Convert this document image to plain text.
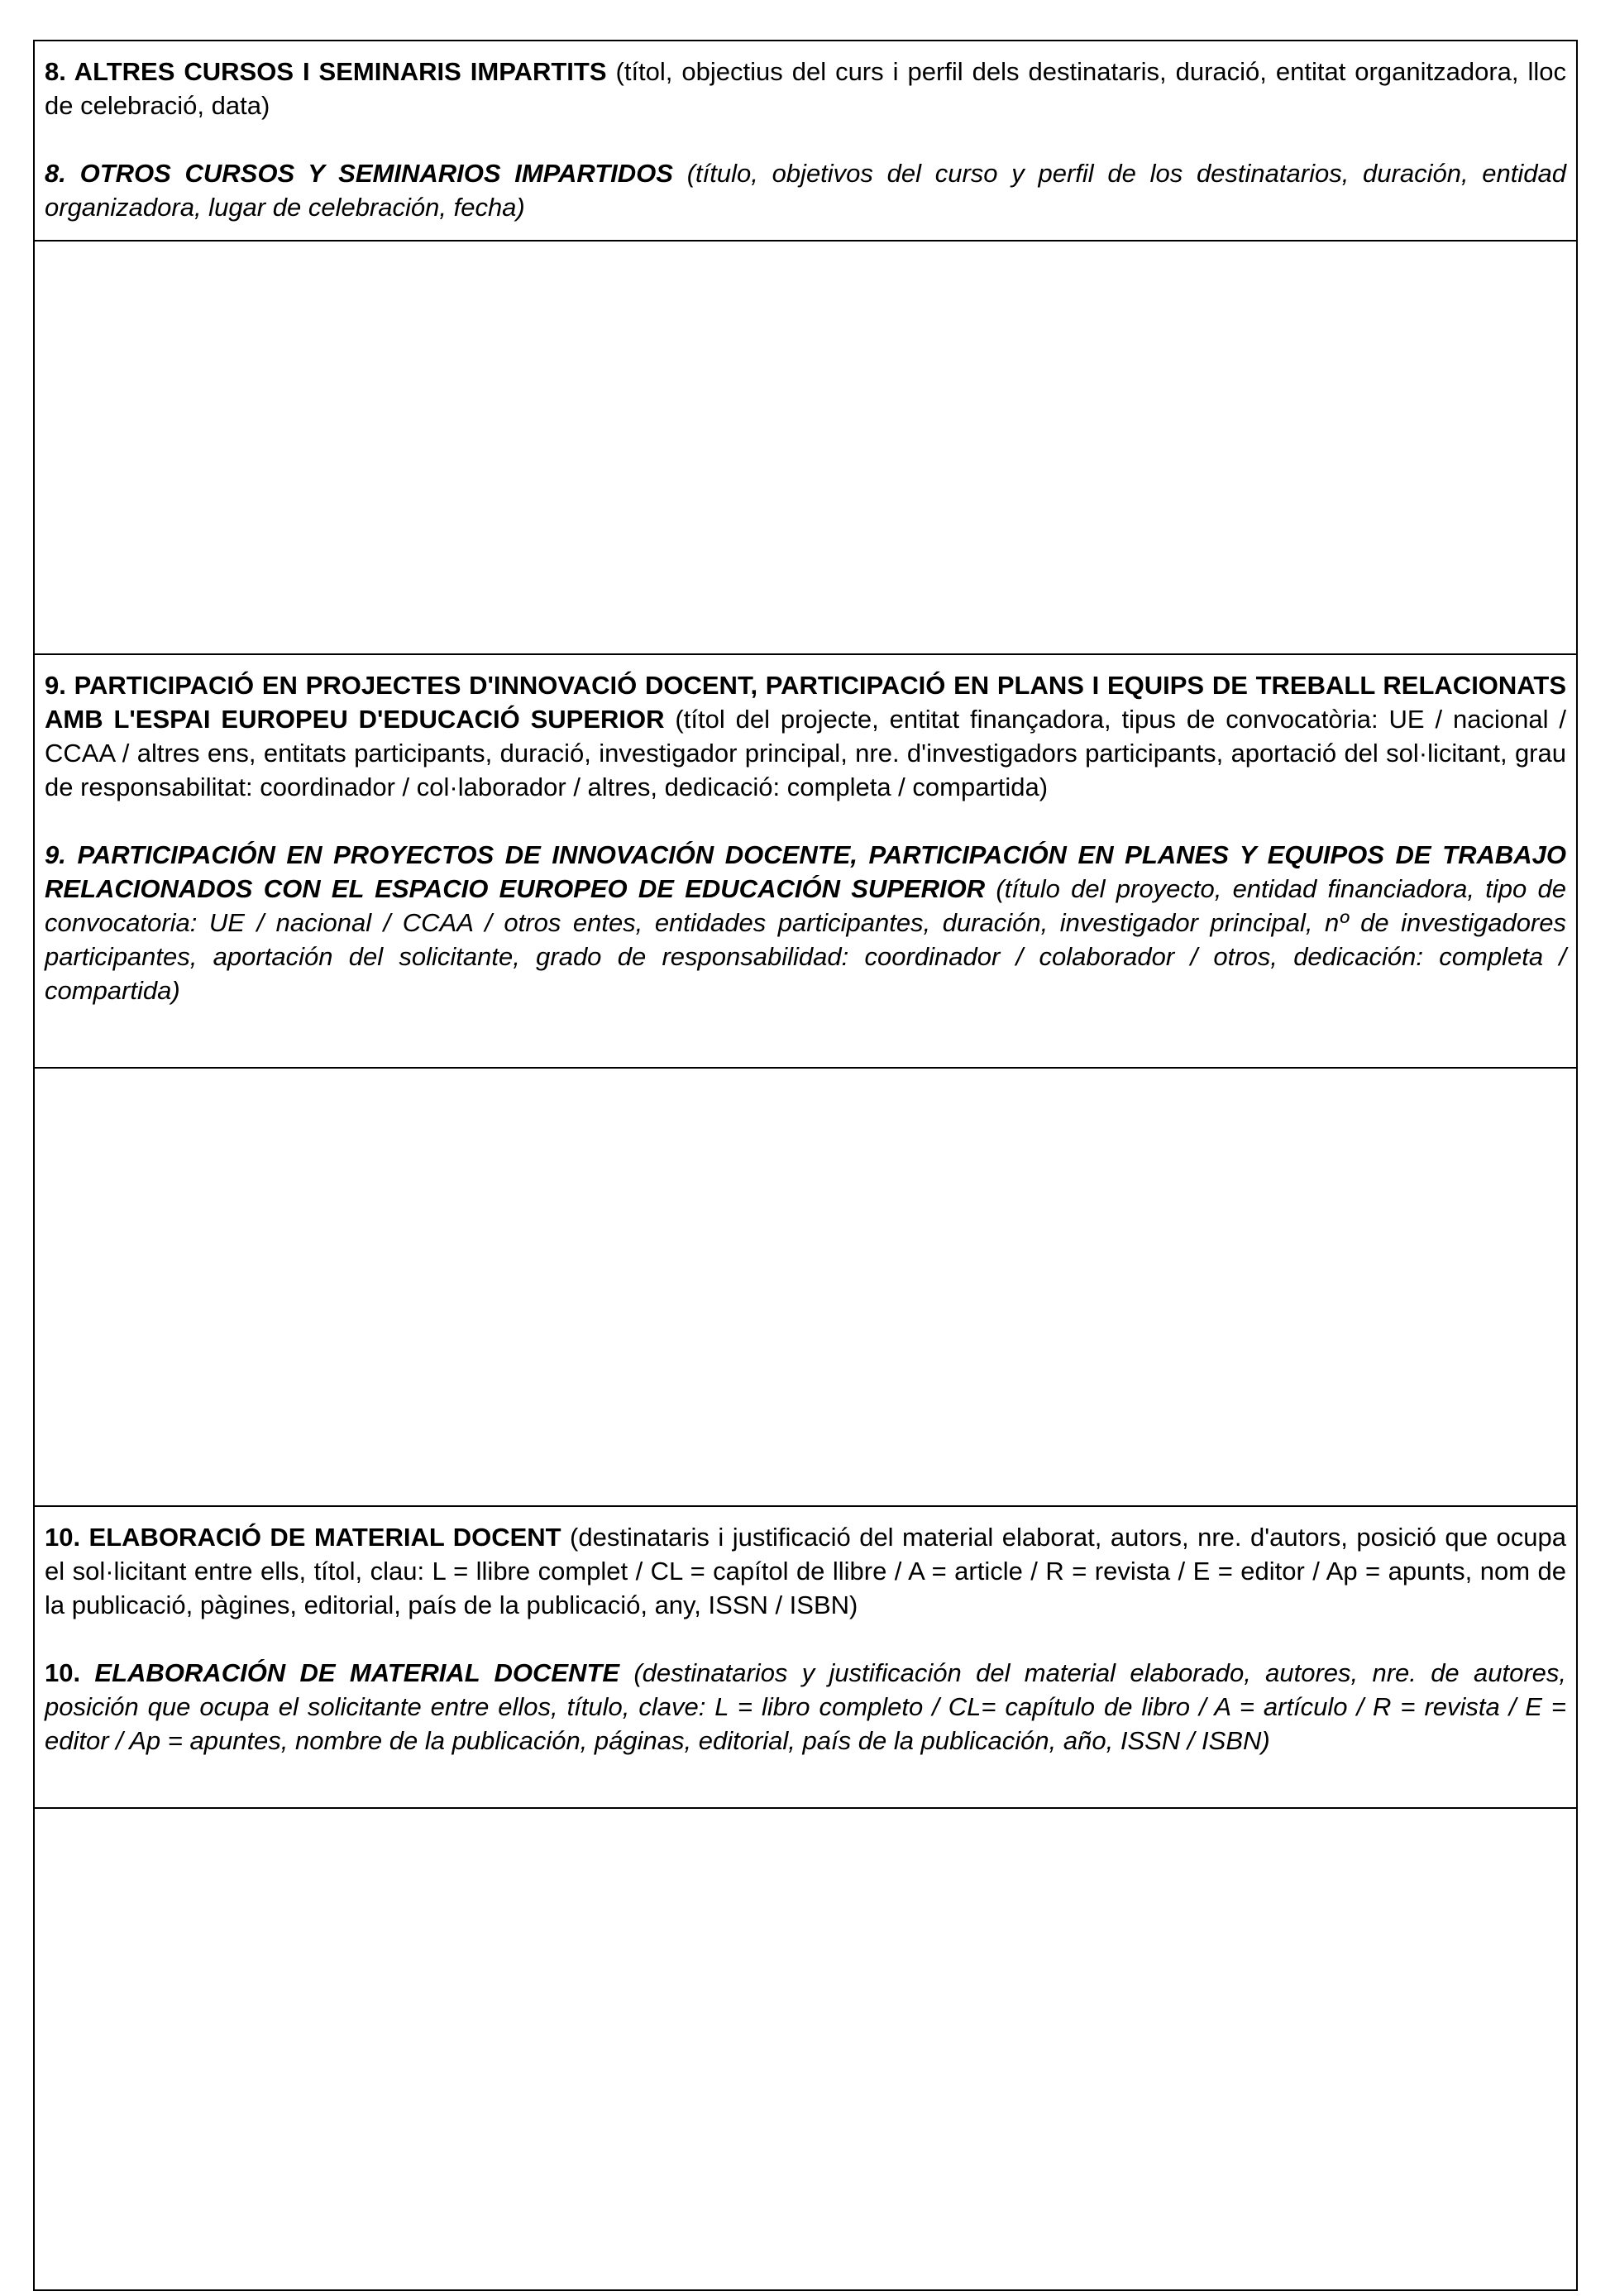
8. ALTRES CURSOS I SEMINARIS IMPARTITS (títol, objectius del curs i perfil dels destinataris, duració, entitat organitzadora, lloc de celebració, data)

8. OTROS CURSOS Y SEMINARIOS IMPARTIDOS (título, objetivos del curso y perfil de los destinatarios, duración, entidad organizadora, lugar de celebración, fecha)

9. PARTICIPACIÓ EN PROJECTES D'INNOVACIÓ DOCENT, PARTICIPACIÓ EN PLANS I EQUIPS DE TREBALL RELACIONATS AMB L'ESPAI EUROPEU D'EDUCACIÓ SUPERIOR (títol del projecte, entitat finançadora, tipus de convocatòria: UE / nacional / CCAA / altres ens, entitats participants, duració, investigador principal, nre. d'investigadors participants, aportació del sol·licitant, grau de responsabilitat: coordinador / col·laborador / altres, dedicació: completa / compartida)

9. PARTICIPACIÓN EN PROYECTOS DE INNOVACIÓN DOCENTE, PARTICIPACIÓN EN PLANES Y EQUIPOS DE TRABAJO RELACIONADOS CON EL ESPACIO EUROPEO DE EDUCACIÓN SUPERIOR (título del proyecto, entidad financiadora, tipo de convocatoria: UE / nacional / CCAA / otros entes, entidades participantes, duración, investigador principal, nº de investigadores participantes, aportación del solicitante, grado de responsabilidad: coordinador / colaborador / otros, dedicación: completa / compartida)

10. ELABORACIÓ DE MATERIAL DOCENT (destinataris i justificació del material elaborat, autors, nre. d'autors, posició que ocupa el sol·licitant entre ells, títol, clau: L = llibre complet / CL = capítol de llibre / A = article / R = revista / E = editor / Ap = apunts, nom de la publicació, pàgines, editorial, país de la publicació, any, ISSN / ISBN)

10. ELABORACIÓN DE MATERIAL DOCENTE (destinatarios y justificación del material elaborado, autores, nre. de autores, posición que ocupa el solicitante entre ellos, título, clave: L = libro completo / CL= capítulo de libro / A = artículo / R = revista / E = editor / Ap = apuntes, nombre de la publicación, páginas, editorial, país de la publicación, año, ISSN / ISBN)
